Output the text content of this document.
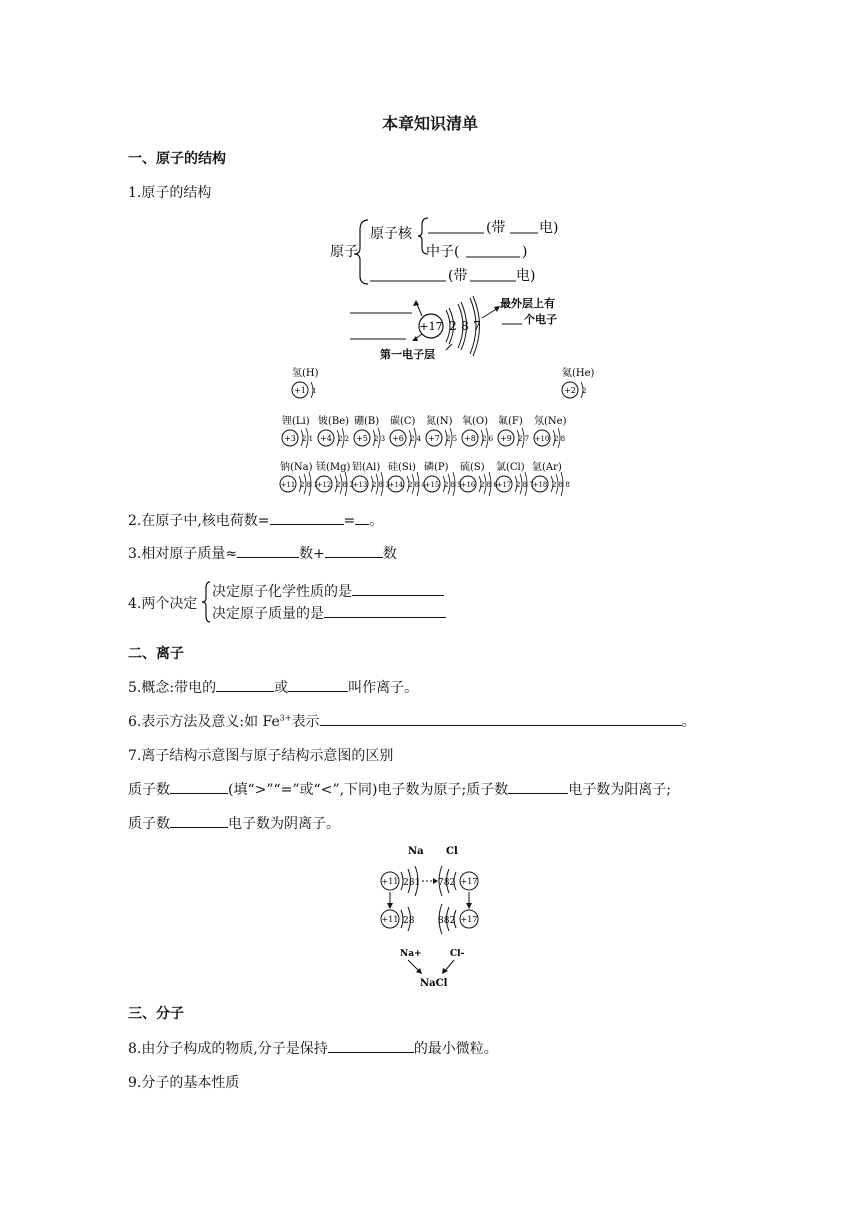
本章知识清单
一、原子的结构
1.原子的结构
原子
原子核	(带 电)
中子(	)
(带	电)
+17 2 8 7
最外层上有
个电子
第一电子层
氢(H)
+1 1
氦(He)
+2 2
锂(Li)
+3 2 1
铍(Be)
+4 2 2
硼(B)
+5 2 3
碳(C)
+6 2 4
氮(N)
+7 2 5
氧(O)
+8 2 6
氟(F)
+9 2 7
氖(Ne)
+10 2 8
钠(Na)
+11 2 8 1
镁(Mg)
+12 2 8 2
铝(Al)
+13 2 8 3
硅(Si)
+14 2 8 4
磷(P)
+15 2 8 5
硫(S)
+16 2 8 6
氯(Cl)
+17 2 8 7
氩(Ar)
+18 2 8 8
2.在原子中,核电荷数=	= 。
3.相对原子质量≈	数+	数
4.两个决定
决定原子化学性质的是
决定原子质量的是
二、离子
5.概念:带电的	或	叫作离子。
6.表示方法及意义:如 $Fe^{3+}$表示	。
7.离子结构示意图与原子结构示意图的区别
质子数	(填“>”“=”或“<”,下同)电子数为原子;质子数	电子数为阳离子;
质子数	电子数为阴离子。
Na Cl
+11 281 782 +17
+11 28	882 +17
Na+	Cl-
NaCl
三、分子
8.由分子构成的物质,分子是保持	的最小微粒。
9.分子的基本性质
